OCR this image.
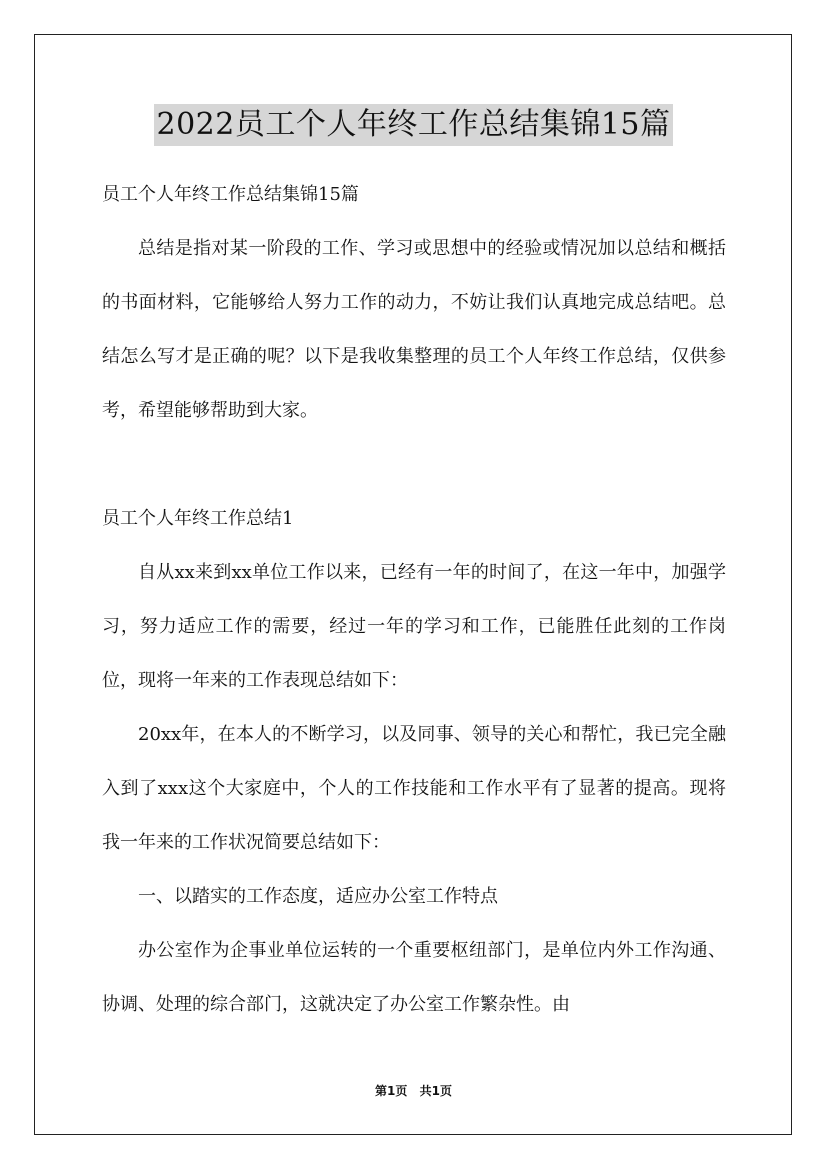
2022员工个人年终工作总结集锦15篇

员工个人年终工作总结集锦15篇

总结是指对某一阶段的工作、学习或思想中的经验或情况加以总结和概括的书面材料，它能够给人努力工作的动力，不妨让我们认真地完成总结吧。总结怎么写才是正确的呢？以下是我收集整理的员工个人年终工作总结，仅供参考，希望能够帮助到大家。

员工个人年终工作总结1

自从xx来到xx单位工作以来，已经有一年的时间了，在这一年中，加强学习，努力适应工作的需要，经过一年的学习和工作，已能胜任此刻的工作岗位，现将一年来的工作表现总结如下：

20xx年，在本人的不断学习，以及同事、领导的关心和帮忙，我已完全融入到了xxx这个大家庭中，个人的工作技能和工作水平有了显著的提高。现将我一年来的工作状况简要总结如下：

一、以踏实的工作态度，适应办公室工作特点

办公室作为企事业单位运转的一个重要枢纽部门，是单位内外工作沟通、协调、处理的综合部门，这就决定了办公室工作繁杂性。由

第1页 共1页
